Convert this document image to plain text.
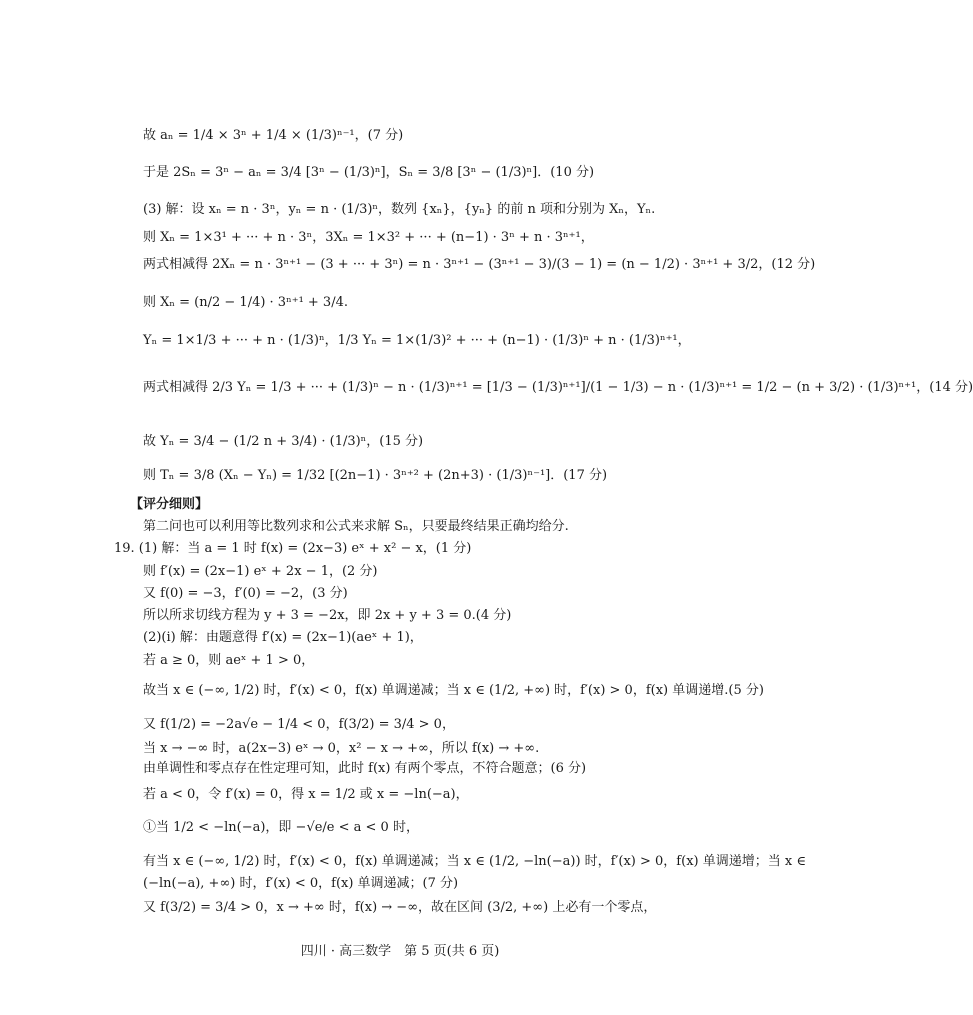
故 aₙ = 1/4 × 3ⁿ + 1/4 × (1/3)ⁿ⁻¹，(7 分)
于是 2Sₙ = 3ⁿ − aₙ = 3/4 [3ⁿ − (1/3)ⁿ]，Sₙ = 3/8 [3ⁿ − (1/3)ⁿ]．(10 分)
(3) 解：设 xₙ = n · 3ⁿ，yₙ = n · (1/3)ⁿ，数列 {xₙ}，{yₙ} 的前 n 项和分别为 Xₙ，Yₙ.
则 Xₙ = 1×3¹ + ··· + n · 3ⁿ，3Xₙ = 1×3² + ··· + (n−1) · 3ⁿ + n · 3ⁿ⁺¹，
两式相减得 2Xₙ = n · 3ⁿ⁺¹ − (3 + ··· + 3ⁿ) = n · 3ⁿ⁺¹ − (3ⁿ⁺¹ − 3)/(3 − 1) = (n − 1/2) · 3ⁿ⁺¹ + 3/2，(12 分)
则 Xₙ = (n/2 − 1/4) · 3ⁿ⁺¹ + 3/4.
Yₙ = 1×1/3 + ··· + n · (1/3)ⁿ，1/3 Yₙ = 1×(1/3)² + ··· + (n−1) · (1/3)ⁿ + n · (1/3)ⁿ⁺¹，
两式相减得 2/3 Yₙ = 1/3 + ··· + (1/3)ⁿ − n · (1/3)ⁿ⁺¹ = [1/3 − (1/3)ⁿ⁺¹]/(1 − 1/3) − n · (1/3)ⁿ⁺¹ = 1/2 − (n + 3/2) · (1/3)ⁿ⁺¹，(14 分)
故 Yₙ = 3/4 − (1/2 n + 3/4) · (1/3)ⁿ，(15 分)
则 Tₙ = 3/8 (Xₙ − Yₙ) = 1/32 [(2n−1) · 3ⁿ⁺² + (2n+3) · (1/3)ⁿ⁻¹]．(17 分)
【评分细则】
第二问也可以利用等比数列求和公式来求解 Sₙ，只要最终结果正确均给分.
19. (1) 解：当 a = 1 时 f(x) = (2x−3) eˣ + x² − x，(1 分)
则 f′(x) = (2x−1) eˣ + 2x − 1，(2 分)
又 f(0) = −3，f′(0) = −2，(3 分)
所以所求切线方程为 y + 3 = −2x，即 2x + y + 3 = 0.(4 分)
(2)(i) 解：由题意得 f′(x) = (2x−1)(aeˣ + 1)，
若 a ≥ 0，则 aeˣ + 1 > 0，
故当 x ∈ (−∞, 1/2) 时，f′(x) < 0，f(x) 单调递减；当 x ∈ (1/2, +∞) 时，f′(x) > 0，f(x) 单调递增.(5 分)
又 f(1/2) = −2a√e − 1/4 < 0，f(3/2) = 3/4 > 0，
当 x → −∞ 时，a(2x−3) eˣ → 0，x² − x → +∞，所以 f(x) → +∞.
由单调性和零点存在性定理可知，此时 f(x) 有两个零点，不符合题意；(6 分)
若 a < 0，令 f′(x) = 0，得 x = 1/2 或 x = −ln(−a)，
①当 1/2 < −ln(−a)，即 −√e/e < a < 0 时，
有当 x ∈ (−∞, 1/2) 时，f′(x) < 0，f(x) 单调递减；当 x ∈ (1/2, −ln(−a)) 时，f′(x) > 0，f(x) 单调递增；当 x ∈
(−ln(−a), +∞) 时，f′(x) < 0，f(x) 单调递减；(7 分)
又 f(3/2) = 3/4 > 0，x → +∞ 时，f(x) → −∞，故在区间 (3/2, +∞) 上必有一个零点，
四川 · 高三数学　第 5 页(共 6 页)
